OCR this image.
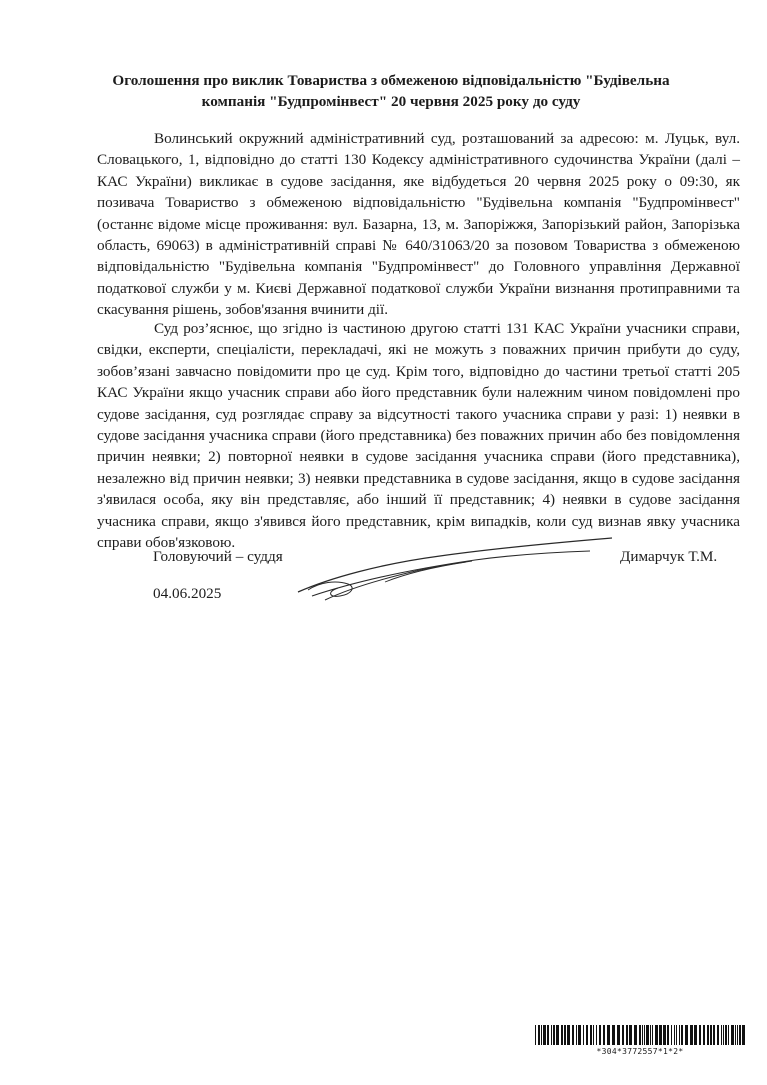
Оголошення про виклик Товариства з обмеженою відповідальністю "Будівельна компанія "Будпромінвест" 20 червня 2025 року до суду
Волинський окружний адміністративний суд, розташований за адресою: м. Луцьк, вул. Словацького, 1, відповідно до статті 130 Кодексу адміністративного судочинства України (далі – КАС України) викликає в судове засідання, яке відбудеться 20 червня 2025 року о 09:30, як позивача Товариство з обмеженою відповідальністю "Будівельна компанія "Будпромінвест" (останнє відоме місце проживання: вул. Базарна, 13, м. Запоріжжя, Запорізький район, Запорізька область, 69063) в адміністративній справі № 640/31063/20 за позовом Товариства з обмеженою відповідальністю "Будівельна компанія "Будпромінвест" до Головного управління Державної податкової служби у м. Києві Державної податкової служби України визнання протиправними та скасування рішень, зобов'язання вчинити дії.
Суд роз’яснює, що згідно із частиною другою статті 131 КАС України учасники справи, свідки, експерти, спеціалісти, перекладачі, які не можуть з поважних причин прибути до суду, зобов’язані завчасно повідомити про це суд. Крім того, відповідно до частини третьої статті 205 КАС України якщо учасник справи або його представник були належним чином повідомлені про судове засідання, суд розглядає справу за відсутності такого учасника справи у разі: 1) неявки в судове засідання учасника справи (його представника) без поважних причин або без повідомлення причин неявки; 2) повторної неявки в судове засідання учасника справи (його представника), незалежно від причин неявки; 3) неявки представника в судове засідання, якщо в судове засідання з'явилася особа, яку він представляє, або інший її представник; 4) неявки в судове засідання учасника справи, якщо з'явився його представник, крім випадків, коли суд визнав явку учасника справи обов'язковою.
Головуючий – суддя	Димарчук Т.М.
04.06.2025
*304*3772557*1*2*
